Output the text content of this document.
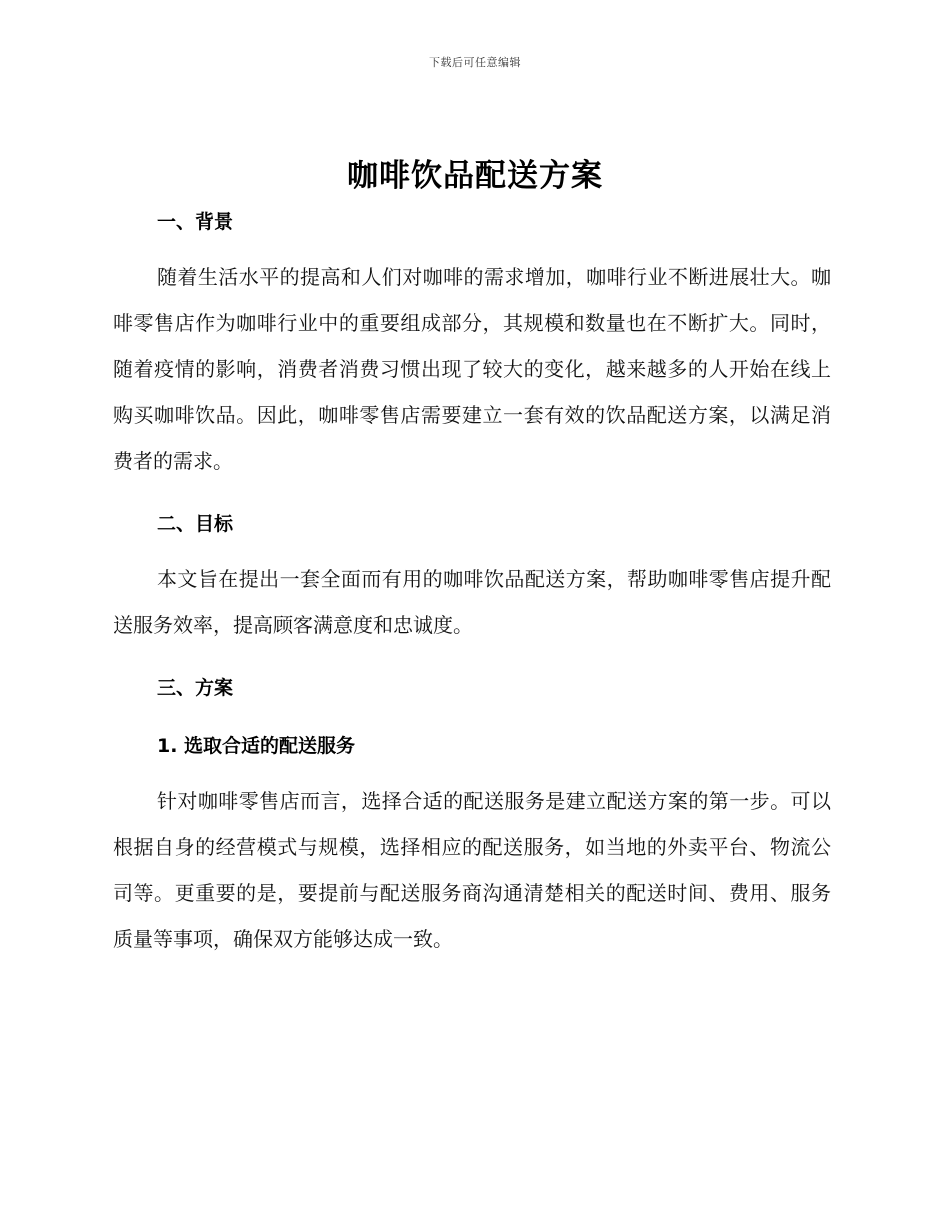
下载后可任意编辑
咖啡饮品配送方案
一、背景

随着生活水平的提高和人们对咖啡的需求增加，咖啡行业不断进展壮大。咖啡零售店作为咖啡行业中的重要组成部分，其规模和数量也在不断扩大。同时，随着疫情的影响，消费者消费习惯出现了较大的变化，越来越多的人开始在线上购买咖啡饮品。因此，咖啡零售店需要建立一套有效的饮品配送方案，以满足消费者的需求。

二、目标

本文旨在提出一套全面而有用的咖啡饮品配送方案，帮助咖啡零售店提升配送服务效率，提高顾客满意度和忠诚度。

三、方案
1. 选取合适的配送服务

针对咖啡零售店而言，选择合适的配送服务是建立配送方案的第一步。可以根据自身的经营模式与规模，选择相应的配送服务，如当地的外卖平台、物流公司等。更重要的是，要提前与配送服务商沟通清楚相关的配送时间、费用、服务质量等事项，确保双方能够达成一致。
